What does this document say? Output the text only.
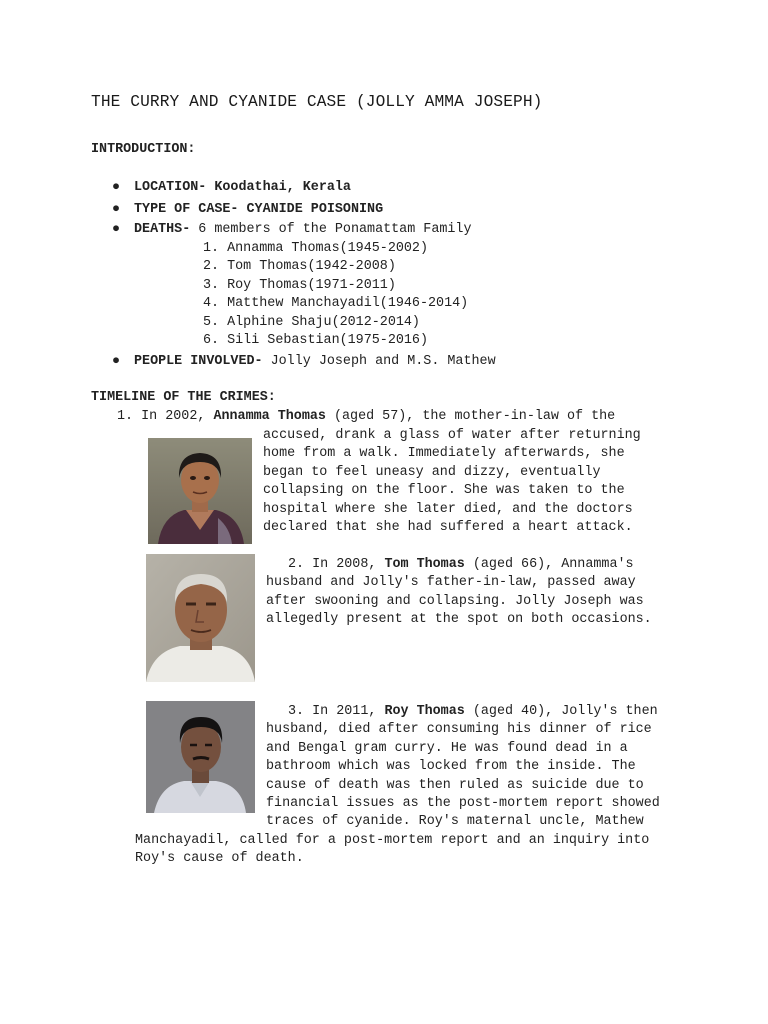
THE CURRY AND CYANIDE CASE (JOLLY AMMA JOSEPH)
INTRODUCTION:
● LOCATION- Koodathai, Kerala
● TYPE OF CASE- CYANIDE POISONING
● DEATHS- 6 members of the Ponamattam Family
1. Annamma Thomas(1945-2002)
2. Tom Thomas(1942-2008)
3. Roy Thomas(1971-2011)
4. Matthew Manchayadil(1946-2014)
5. Alphine Shaju(2012-2014)
6. Sili Sebastian(1975-2016)
● PEOPLE INVOLVED- Jolly Joseph and M.S. Mathew
TIMELINE OF THE CRIMES:
1. In 2002, Annamma Thomas (aged 57), the mother-in-law of the
accused, drank a glass of water after returning
home from a walk. Immediately afterwards, she
began to feel uneasy and dizzy, eventually
collapsing on the floor. She was taken to the
hospital where she later died, and the doctors
declared that she had suffered a heart attack.
2. In 2008, Tom Thomas (aged 66), Annamma's
husband and Jolly's father-in-law, passed away
after swooning and collapsing. Jolly Joseph was
allegedly present at the spot on both occasions.
3. In 2011, Roy Thomas (aged 40), Jolly's then
husband, died after consuming his dinner of rice
and Bengal gram curry. He was found dead in a
bathroom which was locked from the inside. The
cause of death was then ruled as suicide due to
financial issues as the post-mortem report showed
traces of cyanide. Roy's maternal uncle, Mathew
Manchayadil, called for a post-mortem report and an inquiry into
Roy's cause of death.
